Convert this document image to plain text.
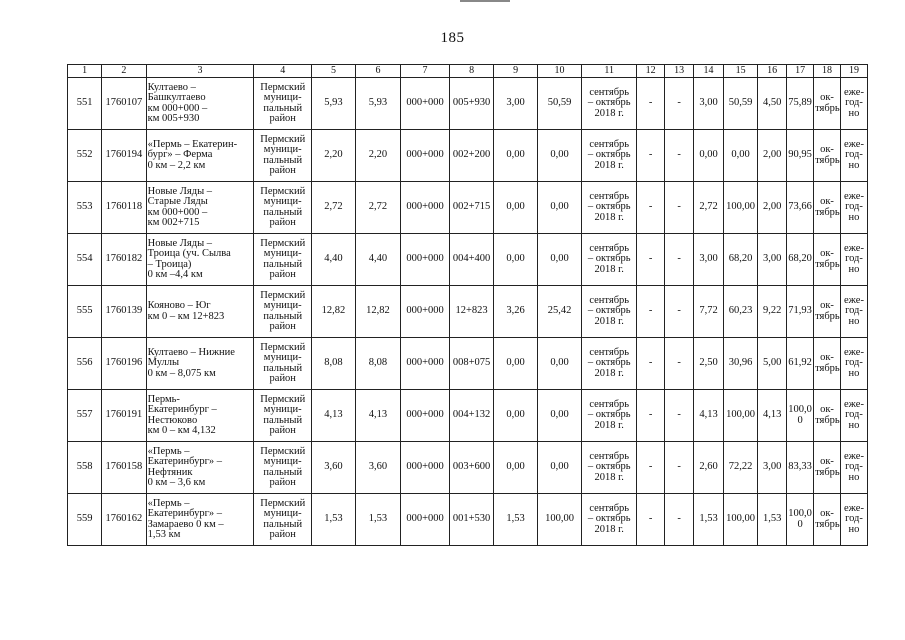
185
1	2	3	4	5	6	7	8	9	10	11	12	13	14	15	16	17	18	19
551	1760107	Култаево –
Башкултаево
км 000+000 –
км 005+930	Пермский
муници-
пальный
район	5,93	5,93	000+000	005+930	3,00	50,59	сентябрь
– октябрь
2018 г.	-	-	3,00	50,59	4,50	75,89	ок-
тябрь	еже-
год-
но
552	1760194	«Пермь – Екатерин-
бург» – Ферма
0 км – 2,2 км	Пермский
муници-
пальный
район	2,20	2,20	000+000	002+200	0,00	0,00	сентябрь
– октябрь
2018 г.	-	-	0,00	0,00	2,00	90,95	ок-
тябрь	еже-
год-
но
553	1760118	Новые Ляды –
Старые Ляды
км 000+000 –
км 002+715	Пермский
муници-
пальный
район	2,72	2,72	000+000	002+715	0,00	0,00	сентябрь
– октябрь
2018 г.	-	-	2,72	100,00	2,00	73,66	ок-
тябрь	еже-
год-
но
554	1760182	Новые Ляды –
Троица (уч. Сылва
– Троица)
0 км –4,4 км	Пермский
муници-
пальный
район	4,40	4,40	000+000	004+400	0,00	0,00	сентябрь
– октябрь
2018 г.	-	-	3,00	68,20	3,00	68,20	ок-
тябрь	еже-
год-
но
555	1760139	Кояново – Юг
км 0 – км 12+823	Пермский
муници-
пальный
район	12,82	12,82	000+000	12+823	3,26	25,42	сентябрь
– октябрь
2018 г.	-	-	7,72	60,23	9,22	71,93	ок-
тябрь	еже-
год-
но
556	1760196	Култаево – Нижние
Муллы
0 км – 8,075 км	Пермский
муници-
пальный
район	8,08	8,08	000+000	008+075	0,00	0,00	сентябрь
– октябрь
2018 г.	-	-	2,50	30,96	5,00	61,92	ок-
тябрь	еже-
год-
но
557	1760191	Пермь-
Екатеринбург –
Нестюково
км 0 – км 4,132	Пермский
муници-
пальный
район	4,13	4,13	000+000	004+132	0,00	0,00	сентябрь
– октябрь
2018 г.	-	-	4,13	100,00	4,13	100,0
0	ок-
тябрь	еже-
год-
но
558	1760158	«Пермь –
Екатеринбург» –
Нефтяник
0 км – 3,6 км	Пермский
муници-
пальный
район	3,60	3,60	000+000	003+600	0,00	0,00	сентябрь
– октябрь
2018 г.	-	-	2,60	72,22	3,00	83,33	ок-
тябрь	еже-
год-
но
559	1760162	«Пермь –
Екатеринбург» –
Замараево 0 км –
1,53 км	Пермский
муници-
пальный
район	1,53	1,53	000+000	001+530	1,53	100,00	сентябрь
– октябрь
2018 г.	-	-	1,53	100,00	1,53	100,0
0	ок-
тябрь	еже-
год-
но
